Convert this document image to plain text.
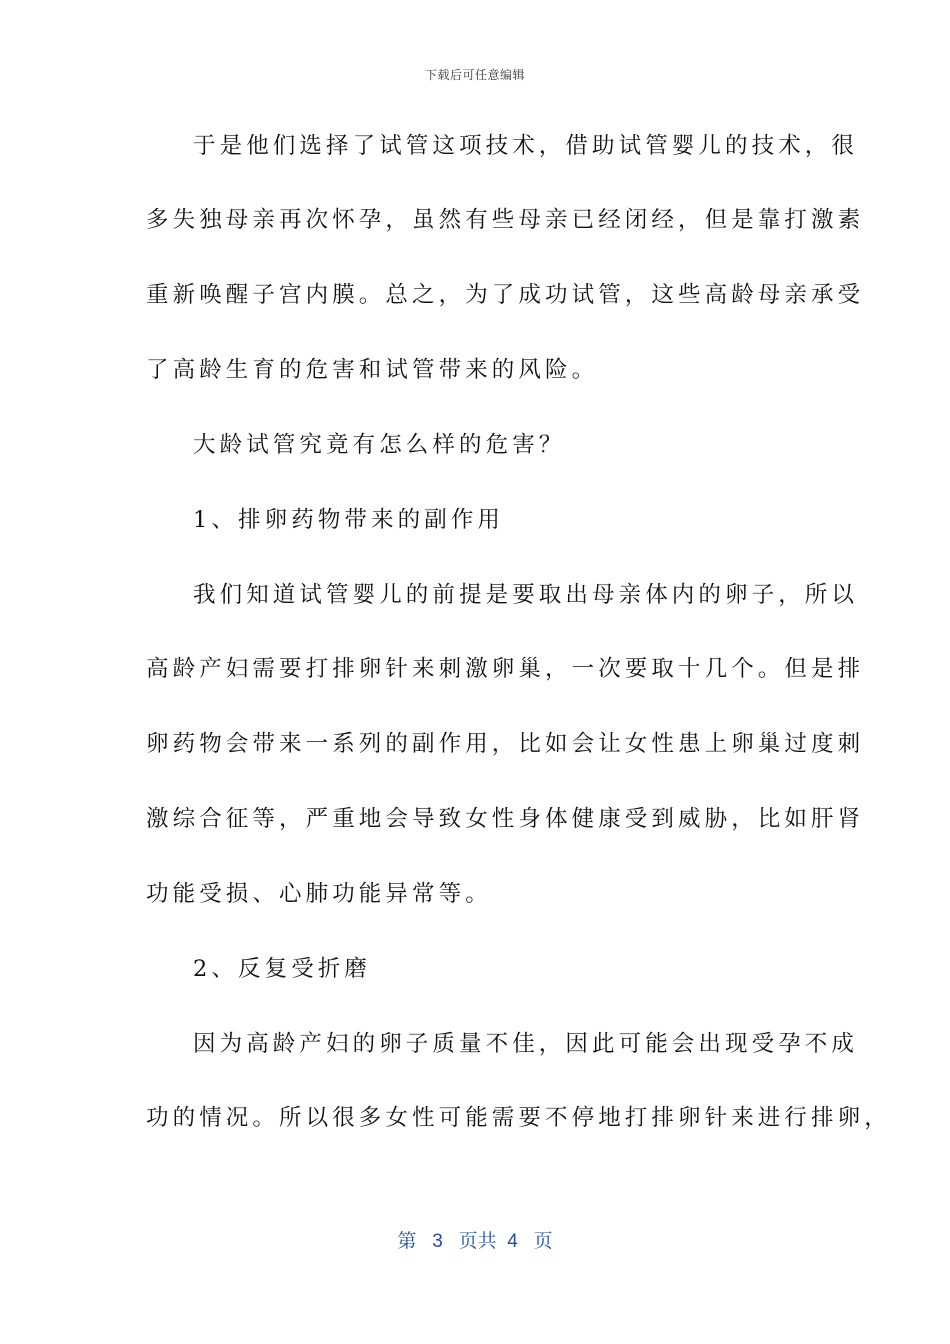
下载后可任意编辑
于是他们选择了试管这项技术，借助试管婴儿的技术，很
多失独母亲再次怀孕，虽然有些母亲已经闭经，但是靠打激素
重新唤醒子宫内膜。总之，为了成功试管，这些高龄母亲承受
了高龄生育的危害和试管带来的风险。
大龄试管究竟有怎么样的危害？
1、排卵药物带来的副作用
我们知道试管婴儿的前提是要取出母亲体内的卵子，所以
高龄产妇需要打排卵针来刺激卵巢，一次要取十几个。但是排
卵药物会带来一系列的副作用，比如会让女性患上卵巢过度刺
激综合征等，严重地会导致女性身体健康受到威胁，比如肝肾
功能受损、心肺功能异常等。
2、反复受折磨
因为高龄产妇的卵子质量不佳，因此可能会出现受孕不成
功的情况。所以很多女性可能需要不停地打排卵针来进行排卵，
第 3 页共 4 页
